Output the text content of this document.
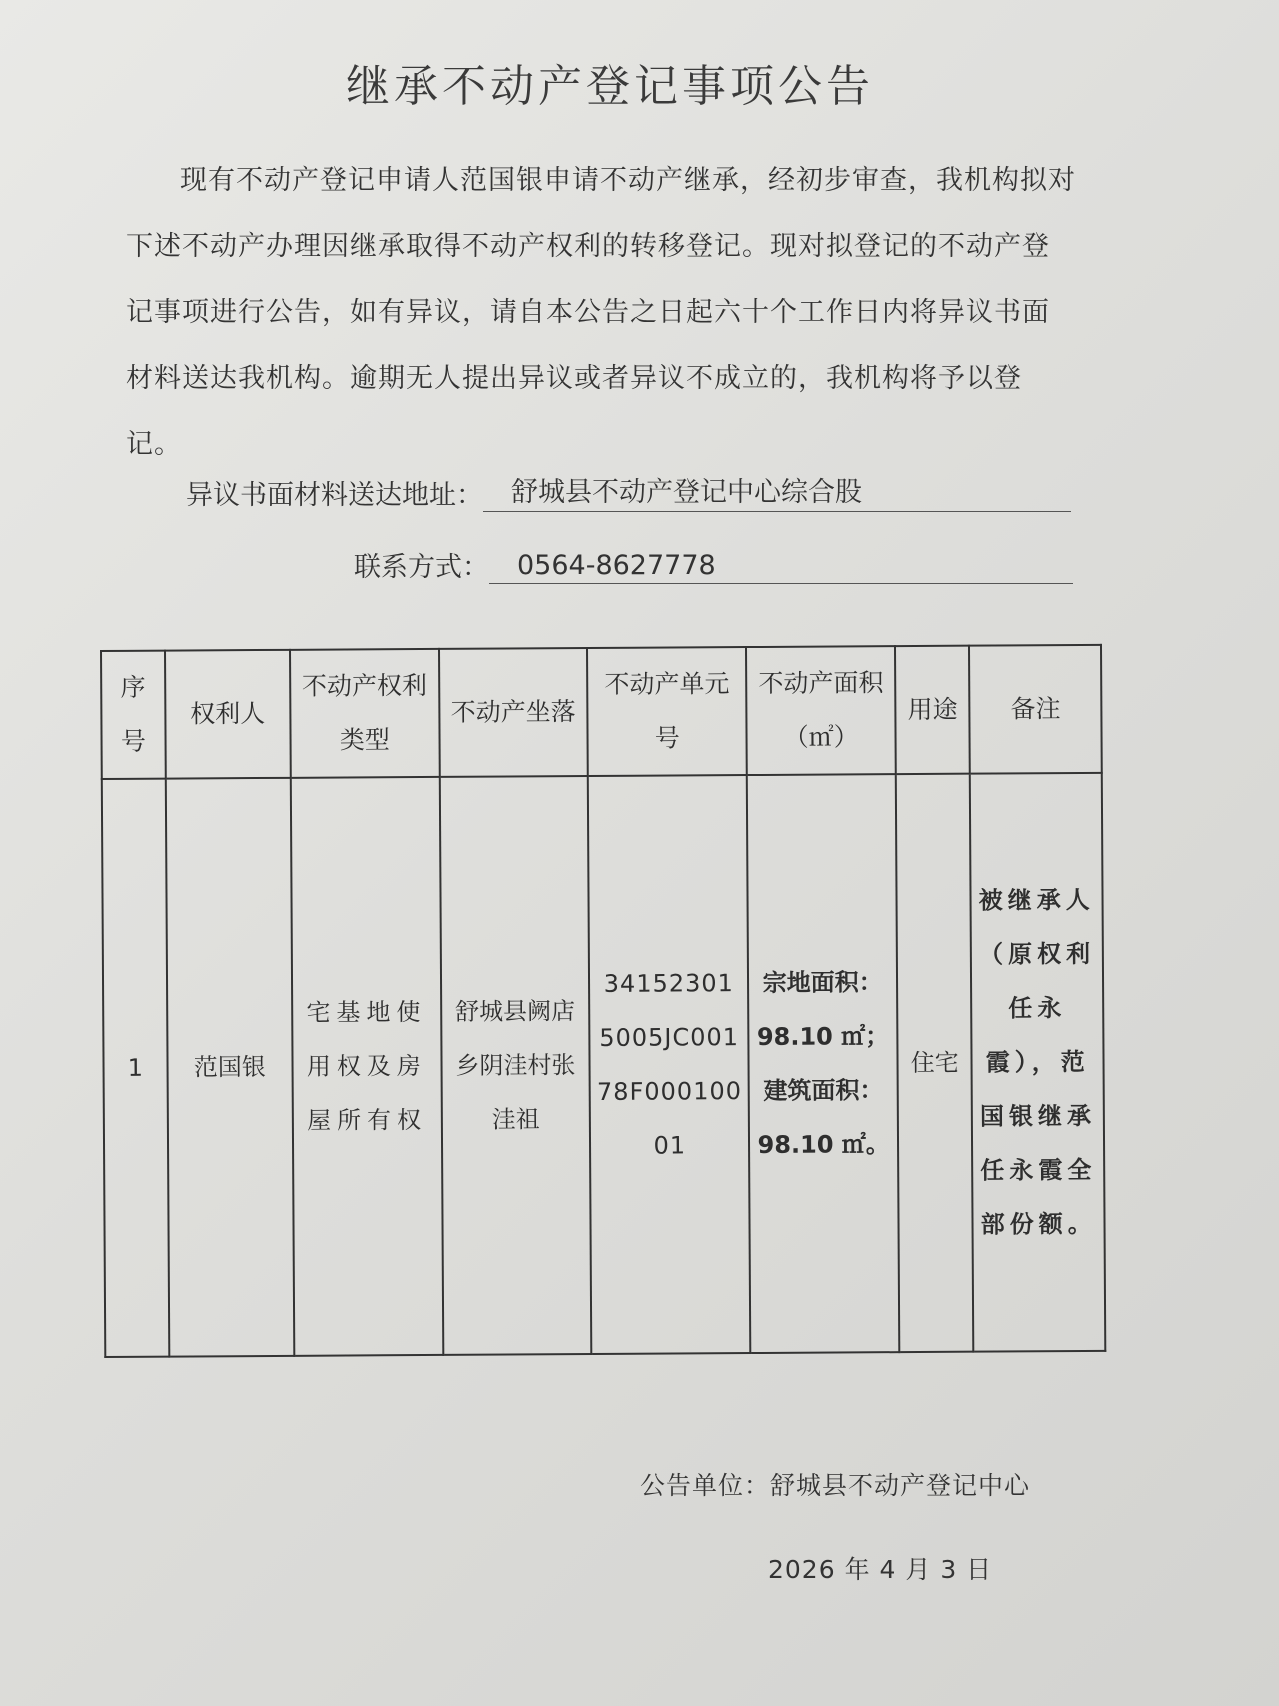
继承不动产登记事项公告
现有不动产登记申请人范国银申请不动产继承，经初步审查，我机构拟对下述不动产办理因继承取得不动产权利的转移登记。现对拟登记的不动产登记事项进行公告，如有异议，请自本公告之日起六十个工作日内将异议书面材料送达我机构。逾期无人提出异议或者异议不成立的，我机构将予以登记。
异议书面材料送达地址：	舒城县不动产登记中心综合股
联系方式：	0564-8627778
序号	权利人	不动产权利类型	不动产坐落	不动产单元号	不动产面积（㎡）	用途	备注
1	范国银	宅基地使用权及房屋所有权	舒城县阙店乡阴洼村张洼祖	341523015005JC00178F00010001	宗地面积：98.10 ㎡；建筑面积：98.10 ㎡。	住宅	被继承人（原权利任永霞），范国银继承任永霞全部份额。
公告单位：舒城县不动产登记中心
2026 年 4 月 3 日
